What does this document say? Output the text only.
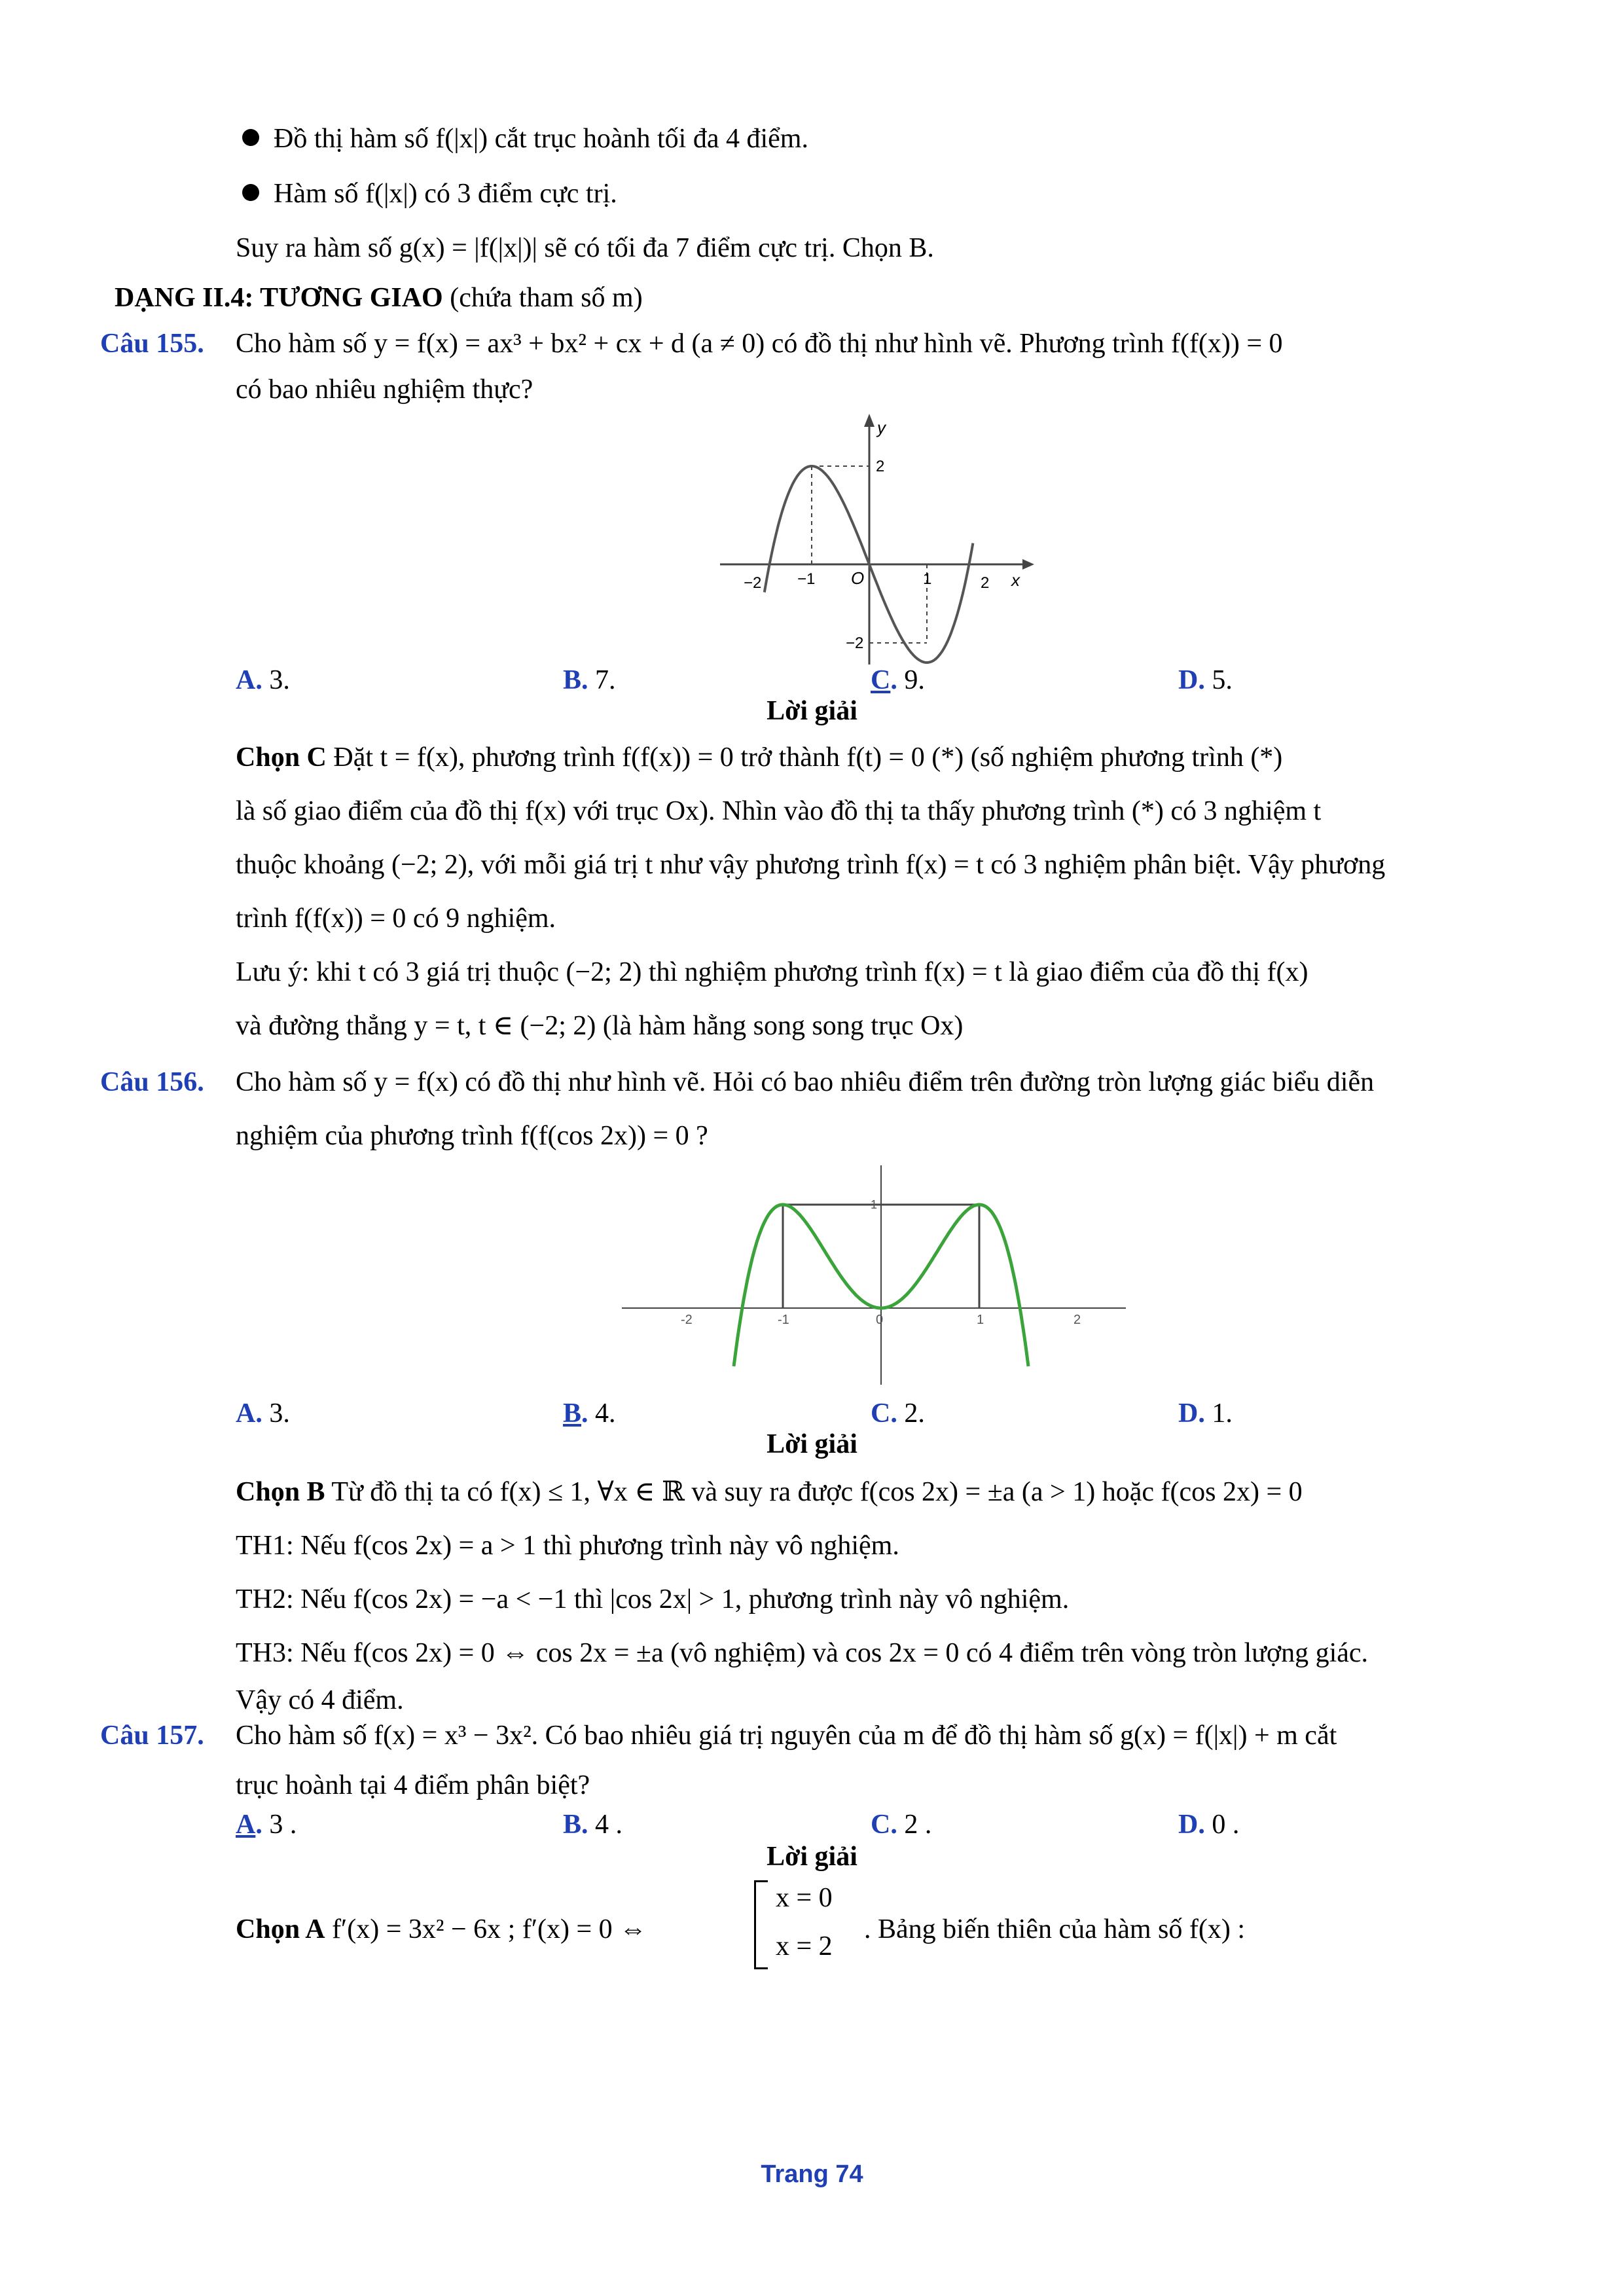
Đồ thị hàm số f(|x|) cắt trục hoành tối đa 4 điểm.
Hàm số f(|x|) có 3 điểm cực trị.
Suy ra hàm số g(x) = |f(|x|)| sẽ có tối đa 7 điểm cực trị. Chọn B.
DẠNG II.4: TƯƠNG GIAO (chứa tham số m)
Câu 155. Cho hàm số y = f(x) = ax³ + bx² + cx + d (a ≠ 0) có đồ thị như hình vẽ. Phương trình f(f(x)) = 0
có bao nhiêu nghiệm thực?
y
x
O
−2 −1	1	2
2
−2
A. 3.	B. 7.	C. 9.	D. 5.
Lời giải
Chọn C Đặt t = f(x), phương trình f(f(x)) = 0 trở thành f(t) = 0 (*) (số nghiệm phương trình (*)
là số giao điểm của đồ thị f(x) với trục Ox). Nhìn vào đồ thị ta thấy phương trình (*) có 3 nghiệm t
thuộc khoảng (−2; 2), với mỗi giá trị t như vậy phương trình f(x) = t có 3 nghiệm phân biệt. Vậy phương
trình f(f(x)) = 0 có 9 nghiệm.
Lưu ý: khi t có 3 giá trị thuộc (−2; 2) thì nghiệm phương trình f(x) = t là giao điểm của đồ thị f(x)
và đường thẳng y = t, t ∈ (−2; 2) (là hàm hằng song song trục Ox)
Câu 156. Cho hàm số y = f(x) có đồ thị như hình vẽ. Hỏi có bao nhiêu điểm trên đường tròn lượng giác biểu diễn
nghiệm của phương trình f(f(cos 2x)) = 0 ?
-2	-1	0	1	2
1
A. 3.	B. 4.	C. 2.	D. 1.
Lời giải
Chọn B Từ đồ thị ta có f(x) ≤ 1, ∀x ∈ ℝ và suy ra được f(cos 2x) = ±a (a > 1) hoặc f(cos 2x) = 0
TH1: Nếu f(cos 2x) = a > 1 thì phương trình này vô nghiệm.
TH2: Nếu f(cos 2x) = −a < −1 thì |cos 2x| > 1, phương trình này vô nghiệm.
TH3: Nếu f(cos 2x) = 0 ⇔ cos 2x = ±a (vô nghiệm) và cos 2x = 0 có 4 điểm trên vòng tròn lượng giác.
Vậy có 4 điểm.
Câu 157. Cho hàm số f(x) = x³ − 3x². Có bao nhiêu giá trị nguyên của m để đồ thị hàm số g(x) = f(|x|) + m cắt
trục hoành tại 4 điểm phân biệt?
A. 3 .	B. 4 .	C. 2 .	D. 0 .
Lời giải
Chọn A f′(x) = 3x² − 6x ; f′(x) = 0 ⇔
x = 0
x = 2
. Bảng biến thiên của hàm số f(x) :
Trang 74
